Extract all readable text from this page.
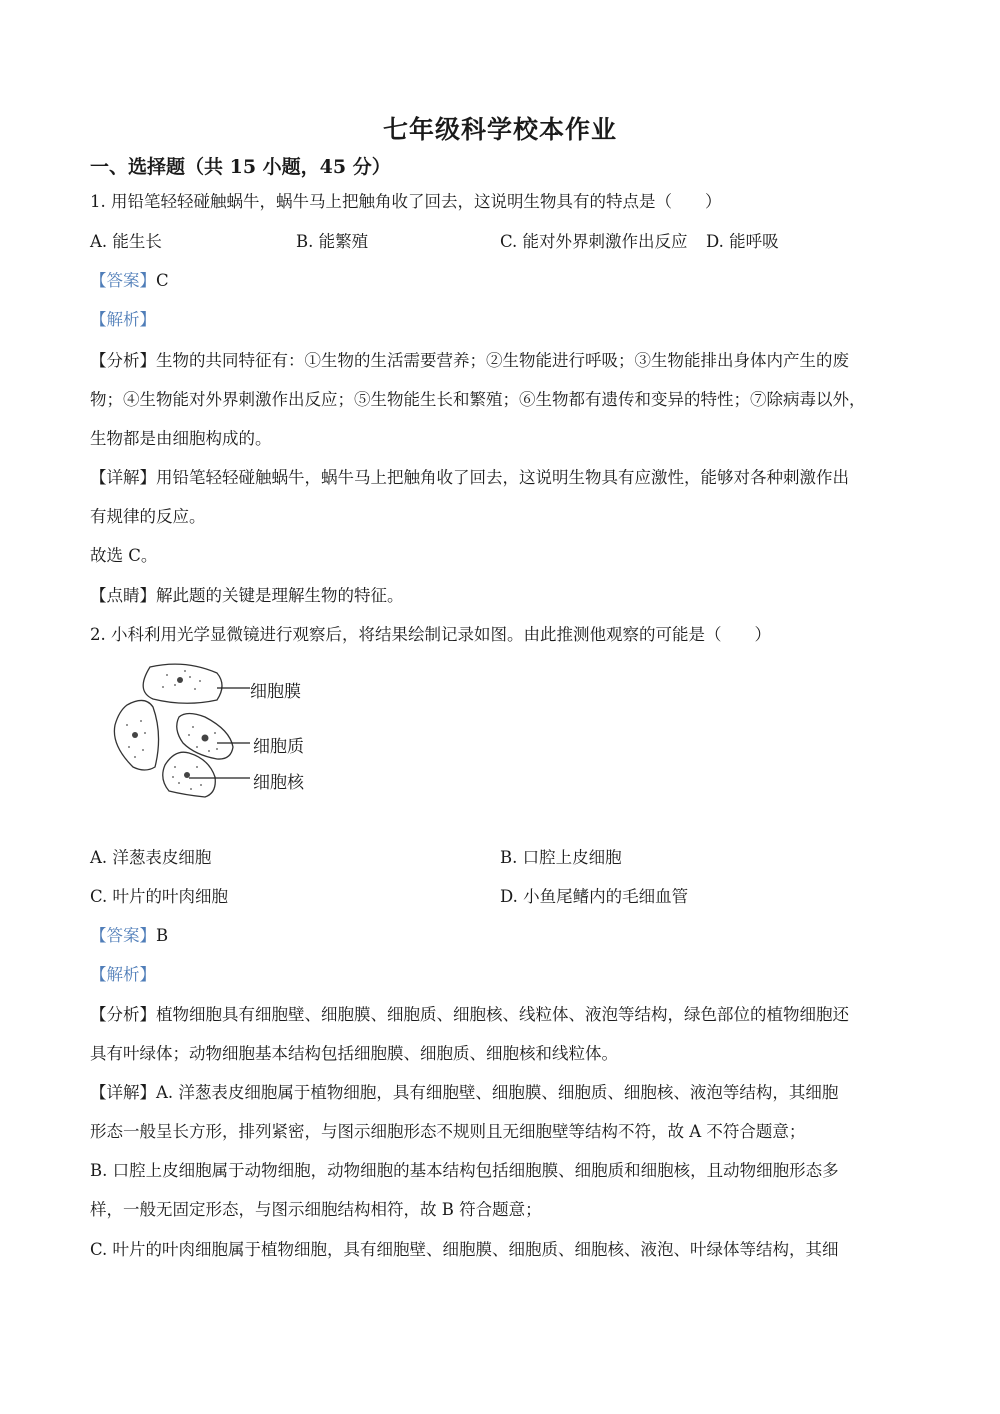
七年级科学校本作业
一、选择题（共 15 小题，45 分）
1. 用铅笔轻轻碰触蜗牛，蜗牛马上把触角收了回去，这说明生物具有的特点是（　　）
A. 能生长	B. 能繁殖	C. 能对外界刺激作出反应 D. 能呼吸
【答案】C
【解析】
【分析】生物的共同特征有：①生物的生活需要营养；②生物能进行呼吸；③生物能排出身体内产生的废
物；④生物能对外界刺激作出反应；⑤生物能生长和繁殖；⑥生物都有遗传和变异的特性；⑦除病毒以外，
生物都是由细胞构成的。
【详解】用铅笔轻轻碰触蜗牛，蜗牛马上把触角收了回去，这说明生物具有应激性，能够对各种刺激作出
有规律的反应。
故选 C。
【点睛】解此题的关键是理解生物的特征。
2. 小科利用光学显微镜进行观察后，将结果绘制记录如图。由此推测他观察的可能是（　　）
细胞膜
细胞质
细胞核
A. 洋葱表皮细胞	B. 口腔上皮细胞
C. 叶片的叶肉细胞	D. 小鱼尾鳍内的毛细血管
【答案】B
【解析】
【分析】植物细胞具有细胞壁、细胞膜、细胞质、细胞核、线粒体、液泡等结构，绿色部位的植物细胞还
具有叶绿体；动物细胞基本结构包括细胞膜、细胞质、细胞核和线粒体。
【详解】A. 洋葱表皮细胞属于植物细胞，具有细胞壁、细胞膜、细胞质、细胞核、液泡等结构，其细胞
形态一般呈长方形，排列紧密，与图示细胞形态不规则且无细胞壁等结构不符，故 A 不符合题意；
B. 口腔上皮细胞属于动物细胞，动物细胞的基本结构包括细胞膜、细胞质和细胞核，且动物细胞形态多
样，一般无固定形态，与图示细胞结构相符，故 B 符合题意；
C. 叶片的叶肉细胞属于植物细胞，具有细胞壁、细胞膜、细胞质、细胞核、液泡、叶绿体等结构，其细
